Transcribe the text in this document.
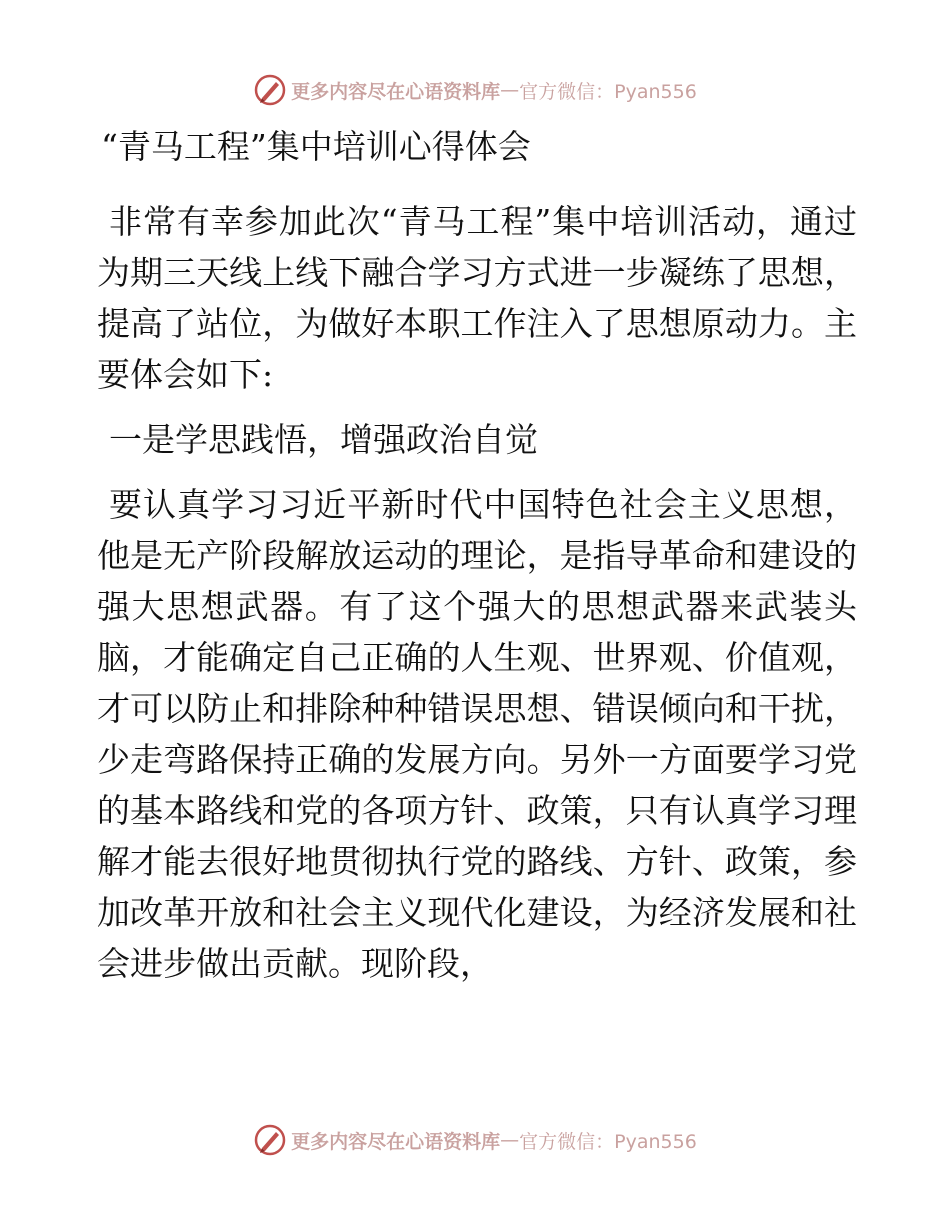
更多内容尽在心语资料库 — 官方微信：Pyan556
“青马工程”集中培训心得体会

非常有幸参加此次“青马工程”集中培训活动，通过为期三天线上线下融合学习方式进一步凝练了思想，提高了站位，为做好本职工作注入了思想原动力。主要体会如下:

一是学思践悟，增强政治自觉

要认真学习习近平新时代中国特色社会主义思想，他是无产阶段解放运动的理论，是指导革命和建设的强大思想武器。有了这个强大的思想武器来武装头脑，才能确定自己正确的人生观、世界观、价值观，才可以防止和排除种种错误思想、错误倾向和干扰，少走弯路保持正确的发展方向。另外一方面要学习党的基本路线和党的各项方针、政策，只有认真学习理解才能去很好地贯彻执行党的路线、方针、政策，参加改革开放和社会主义现代化建设，为经济发展和社会进步做出贡献。现阶段，

更多内容尽在心语资料库 — 官方微信：Pyan556
